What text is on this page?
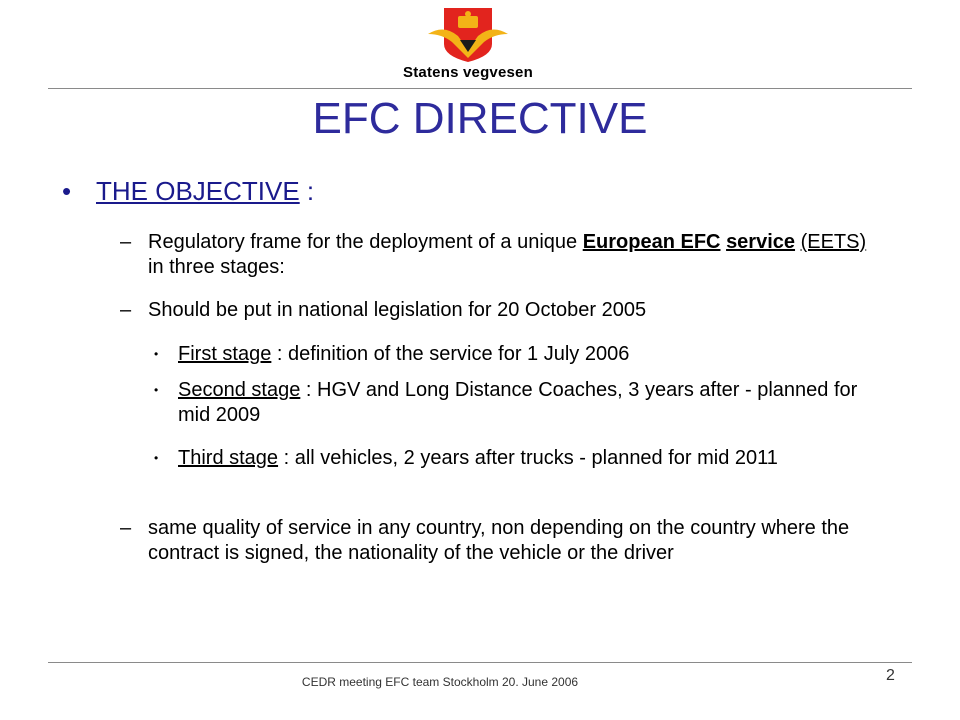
Statens vegvesen
EFC DIRECTIVE
• THE OBJECTIVE :
– Regulatory frame for the deployment of a unique European EFC service (EETS) in three stages:
– Should be put in national legislation for 20 October 2005
• First stage : definition of the service for 1 July 2006
• Second stage : HGV and Long Distance Coaches, 3 years after - planned for mid 2009
• Third stage : all vehicles, 2 years after trucks - planned for mid 2011
– same quality of service in any country, non depending on the country where the contract is signed, the nationality of the vehicle or the driver
CEDR meeting EFC team Stockholm 20. June 2006	2
